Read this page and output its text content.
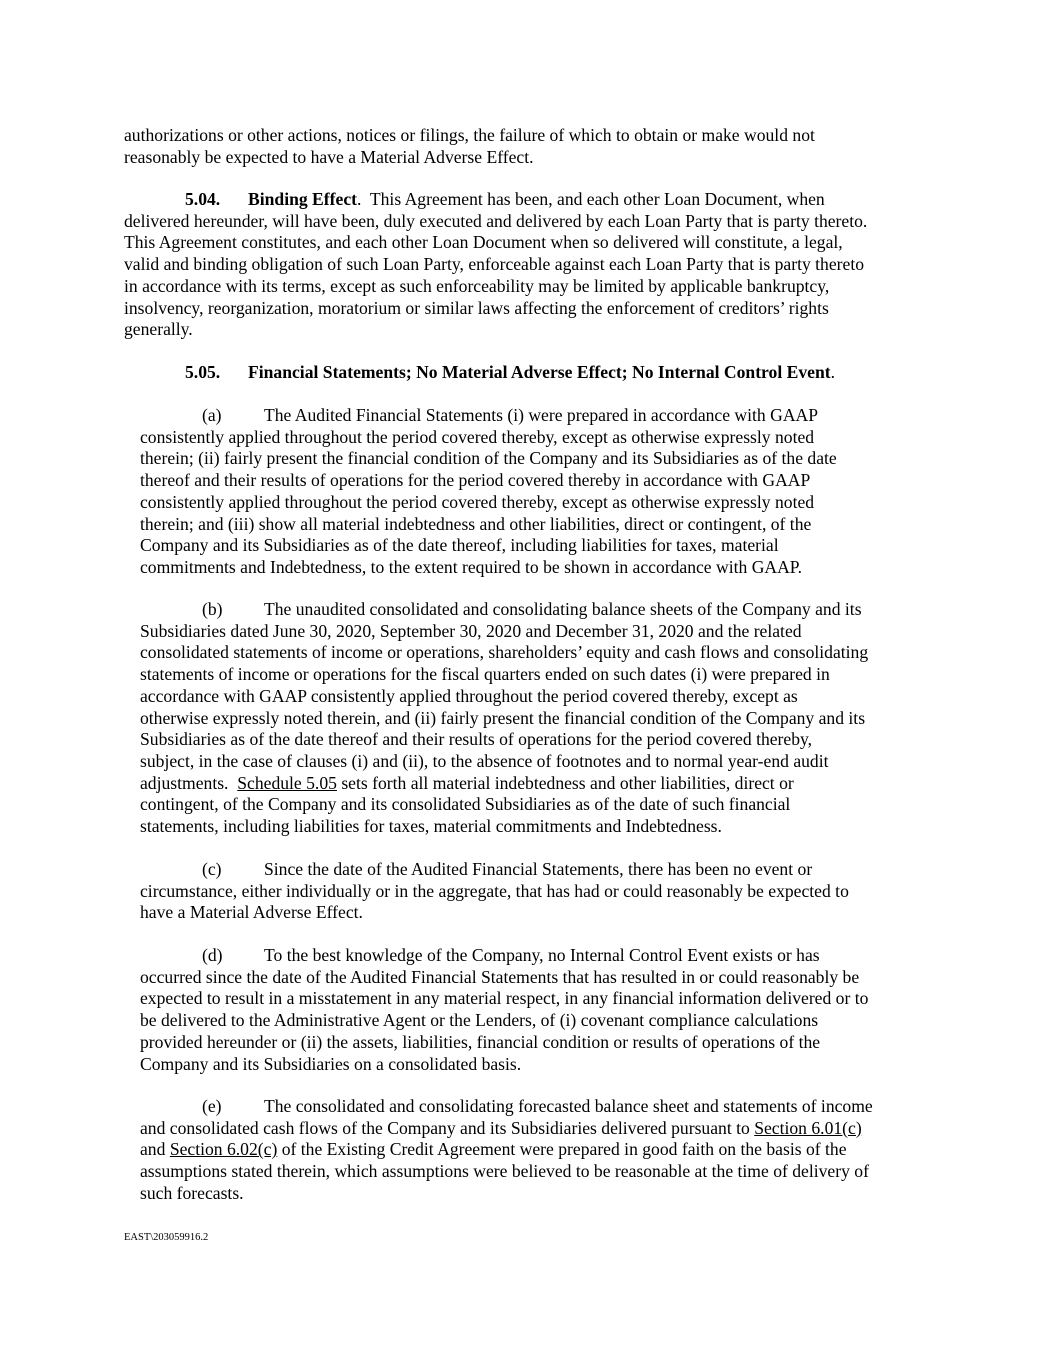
authorizations or other actions, notices or filings, the failure of which to obtain or make would not
reasonably be expected to have a Material Adverse Effect.
5.04. Binding Effect.  This Agreement has been, and each other Loan Document, when
delivered hereunder, will have been, duly executed and delivered by each Loan Party that is party thereto.
This Agreement constitutes, and each other Loan Document when so delivered will constitute, a legal,
valid and binding obligation of such Loan Party, enforceable against each Loan Party that is party thereto
in accordance with its terms, except as such enforceability may be limited by applicable bankruptcy,
insolvency, reorganization, moratorium or similar laws affecting the enforcement of creditors’ rights
generally.
5.05. Financial Statements; No Material Adverse Effect; No Internal Control Event.
(a) The Audited Financial Statements (i) were prepared in accordance with GAAP
consistently applied throughout the period covered thereby, except as otherwise expressly noted
therein; (ii) fairly present the financial condition of the Company and its Subsidiaries as of the date
thereof and their results of operations for the period covered thereby in accordance with GAAP
consistently applied throughout the period covered thereby, except as otherwise expressly noted
therein; and (iii) show all material indebtedness and other liabilities, direct or contingent, of the
Company and its Subsidiaries as of the date thereof, including liabilities for taxes, material
commitments and Indebtedness, to the extent required to be shown in accordance with GAAP.
(b) The unaudited consolidated and consolidating balance sheets of the Company and its
Subsidiaries dated June 30, 2020, September 30, 2020 and December 31, 2020 and the related
consolidated statements of income or operations, shareholders’ equity and cash flows and consolidating
statements of income or operations for the fiscal quarters ended on such dates (i) were prepared in
accordance with GAAP consistently applied throughout the period covered thereby, except as
otherwise expressly noted therein, and (ii) fairly present the financial condition of the Company and its
Subsidiaries as of the date thereof and their results of operations for the period covered thereby,
subject, in the case of clauses (i) and (ii), to the absence of footnotes and to normal year-end audit
adjustments.  Schedule 5.05 sets forth all material indebtedness and other liabilities, direct or
contingent, of the Company and its consolidated Subsidiaries as of the date of such financial
statements, including liabilities for taxes, material commitments and Indebtedness.
(c) Since the date of the Audited Financial Statements, there has been no event or
circumstance, either individually or in the aggregate, that has had or could reasonably be expected to
have a Material Adverse Effect.
(d) To the best knowledge of the Company, no Internal Control Event exists or has
occurred since the date of the Audited Financial Statements that has resulted in or could reasonably be
expected to result in a misstatement in any material respect, in any financial information delivered or to
be delivered to the Administrative Agent or the Lenders, of (i) covenant compliance calculations
provided hereunder or (ii) the assets, liabilities, financial condition or results of operations of the
Company and its Subsidiaries on a consolidated basis.
(e) The consolidated and consolidating forecasted balance sheet and statements of income
and consolidated cash flows of the Company and its Subsidiaries delivered pursuant to Section 6.01(c)
and Section 6.02(c) of the Existing Credit Agreement were prepared in good faith on the basis of the
assumptions stated therein, which assumptions were believed to be reasonable at the time of delivery of
such forecasts.
EAST\203059916.2
